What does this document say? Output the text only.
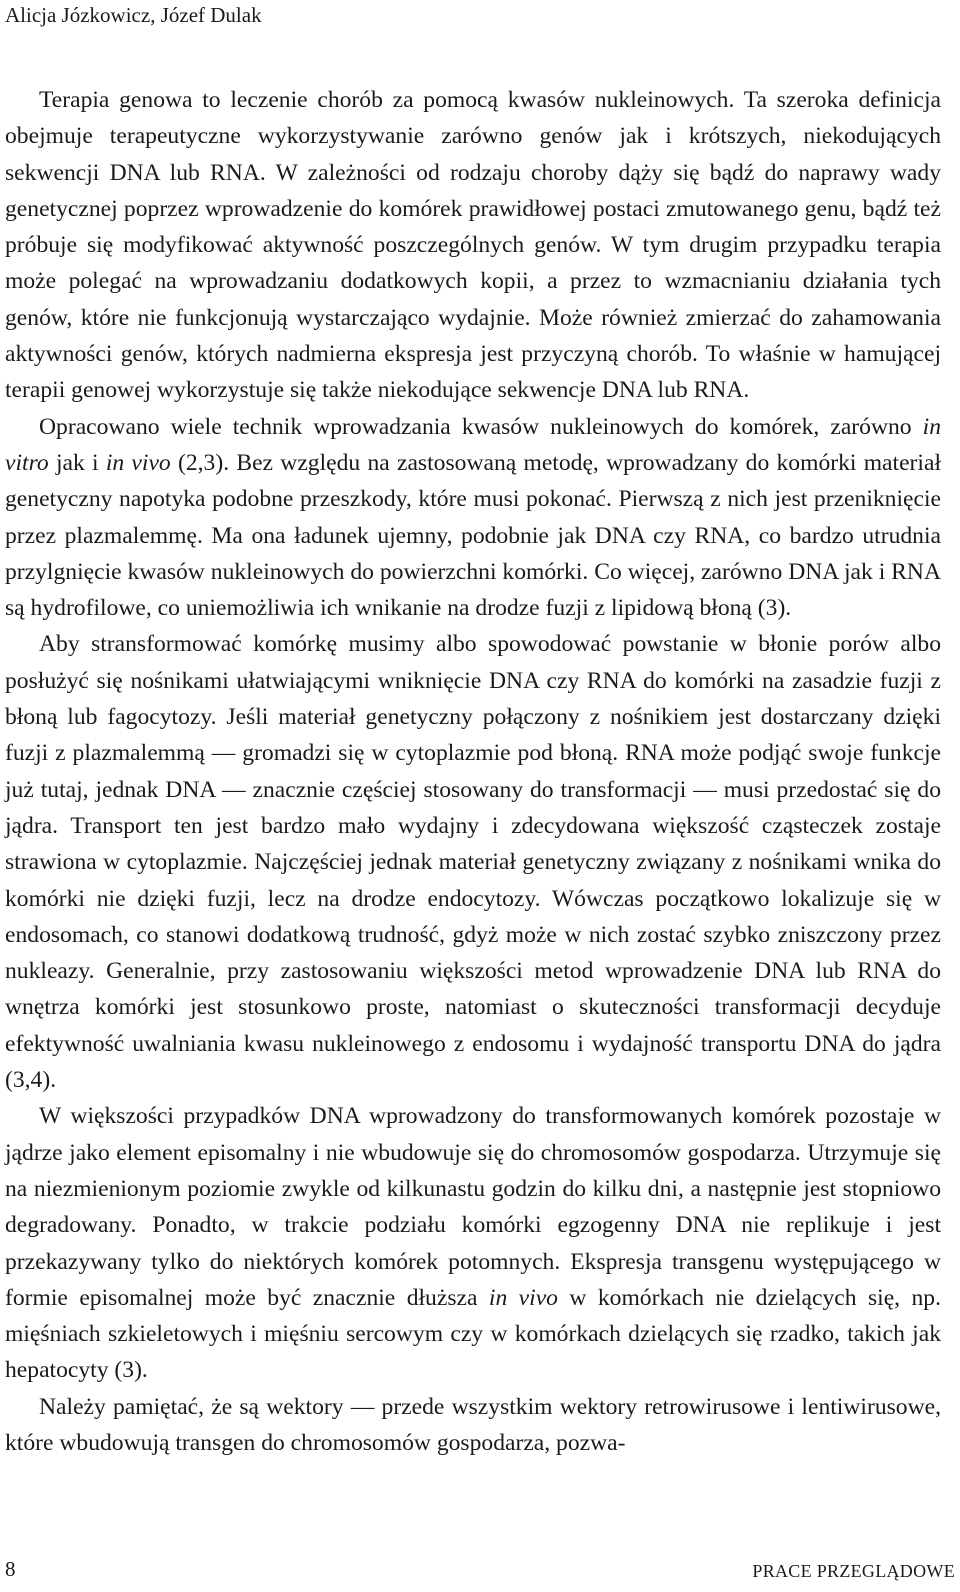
Alicja Józkowicz, Józef Dulak

Terapia genowa to leczenie chorób za pomocą kwasów nukleinowych. Ta szeroka definicja obejmuje terapeutyczne wykorzystywanie zarówno genów jak i krótszych, niekodujących sekwencji DNA lub RNA. W zależności od rodzaju choroby dąży się bądź do naprawy wady genetycznej poprzez wprowadzenie do komórek prawidłowej postaci zmutowanego genu, bądź też próbuje się modyfikować aktywność poszczególnych genów. W tym drugim przypadku terapia może polegać na wprowadzaniu dodatkowych kopii, a przez to wzmacnianiu działania tych genów, które nie funkcjonują wystarczająco wydajnie. Może również zmierzać do zahamowania aktywności genów, których nadmierna ekspresja jest przyczyną chorób. To właśnie w hamującej terapii genowej wykorzystuje się także niekodujące sekwencje DNA lub RNA.

Opracowano wiele technik wprowadzania kwasów nukleinowych do komórek, zarówno in vitro jak i in vivo (2,3). Bez względu na zastosowaną metodę, wprowadzany do komórki materiał genetyczny napotyka podobne przeszkody, które musi pokonać. Pierwszą z nich jest przeniknięcie przez plazmalemmę. Ma ona ładunek ujemny, podobnie jak DNA czy RNA, co bardzo utrudnia przylgnięcie kwasów nukleinowych do powierzchni komórki. Co więcej, zarówno DNA jak i RNA są hydrofilowe, co uniemożliwia ich wnikanie na drodze fuzji z lipidową błoną (3).

Aby stransformować komórkę musimy albo spowodować powstanie w błonie porów albo posłużyć się nośnikami ułatwiającymi wniknięcie DNA czy RNA do komórki na zasadzie fuzji z błoną lub fagocytozy. Jeśli materiał genetyczny połączony z nośnikiem jest dostarczany dzięki fuzji z plazmalemmą — gromadzi się w cytoplazmie pod błoną. RNA może podjąć swoje funkcje już tutaj, jednak DNA — znacznie częściej stosowany do transformacji — musi przedostać się do jądra. Transport ten jest bardzo mało wydajny i zdecydowana większość cząsteczek zostaje strawiona w cytoplazmie. Najczęściej jednak materiał genetyczny związany z nośnikami wnika do komórki nie dzięki fuzji, lecz na drodze endocytozy. Wówczas początkowo lokalizuje się w endosomach, co stanowi dodatkową trudność, gdyż może w nich zostać szybko zniszczony przez nukleazy. Generalnie, przy zastosowaniu większości metod wprowadzenie DNA lub RNA do wnętrza komórki jest stosunkowo proste, natomiast o skuteczności transformacji decyduje efektywność uwalniania kwasu nukleinowego z endosomu i wydajność transportu DNA do jądra (3,4).

W większości przypadków DNA wprowadzony do transformowanych komórek pozostaje w jądrze jako element episomalny i nie wbudowuje się do chromosomów gospodarza. Utrzymuje się na niezmienionym poziomie zwykle od kilkunastu godzin do kilku dni, a następnie jest stopniowo degradowany. Ponadto, w trakcie podziału komórki egzogenny DNA nie replikuje i jest przekazywany tylko do niektórych komórek potomnych. Ekspresja transgenu występującego w formie episomalnej może być znacznie dłuższa in vivo w komórkach nie dzielących się, np. mięśniach szkieletowych i mięśniu sercowym czy w komórkach dzielących się rzadko, takich jak hepatocyty (3).

Należy pamiętać, że są wektory — przede wszystkim wektory retrowirusowe i lentiwirusowe, które wbudowują transgen do chromosomów gospodarza, pozwa-

8	PRACE PRZEGLĄDOWE
